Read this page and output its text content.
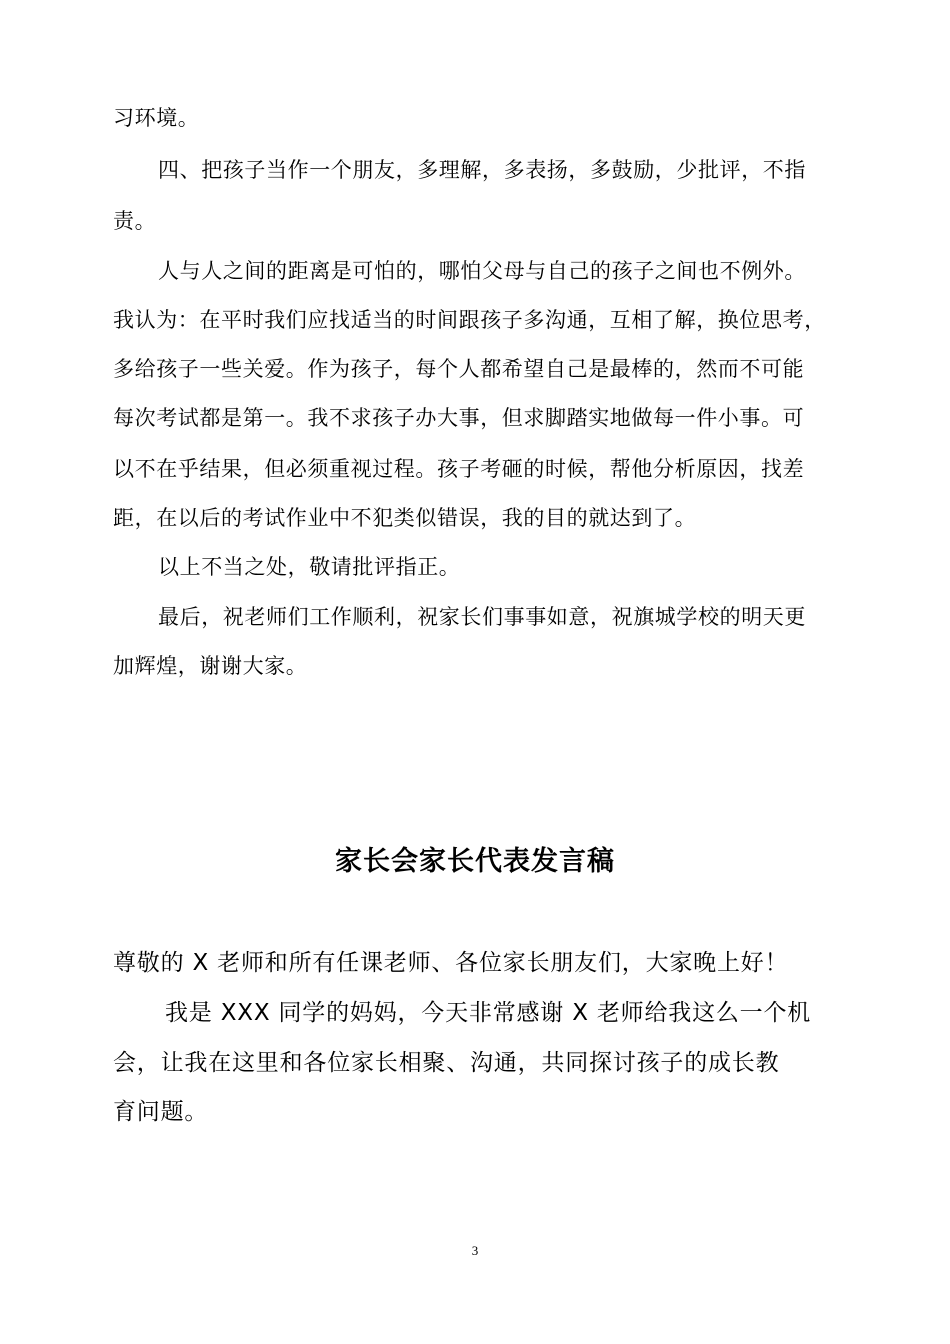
习环境。

四、把孩子当作一个朋友，多理解，多表扬，多鼓励，少批评，不指

责。

人与人之间的距离是可怕的，哪怕父母与自己的孩子之间也不例外。

我认为：在平时我们应找适当的时间跟孩子多沟通，互相了解，换位思考，

多给孩子一些关爱。作为孩子，每个人都希望自己是最棒的，然而不可能

每次考试都是第一。我不求孩子办大事，但求脚踏实地做每一件小事。可

以不在乎结果，但必须重视过程。孩子考砸的时候，帮他分析原因，找差

距，在以后的考试作业中不犯类似错误，我的目的就达到了。

以上不当之处，敬请批评指正。

最后，祝老师们工作顺利，祝家长们事事如意，祝旗城学校的明天更

加辉煌，谢谢大家。

家长会家长代表发言稿

尊敬的 X 老师和所有任课老师、各位家长朋友们，大家晚上好！

我是 XXX 同学的妈妈，今天非常感谢 X 老师给我这么一个机

会，让我在这里和各位家长相聚、沟通，共同探讨孩子的成长教

育问题。

3
